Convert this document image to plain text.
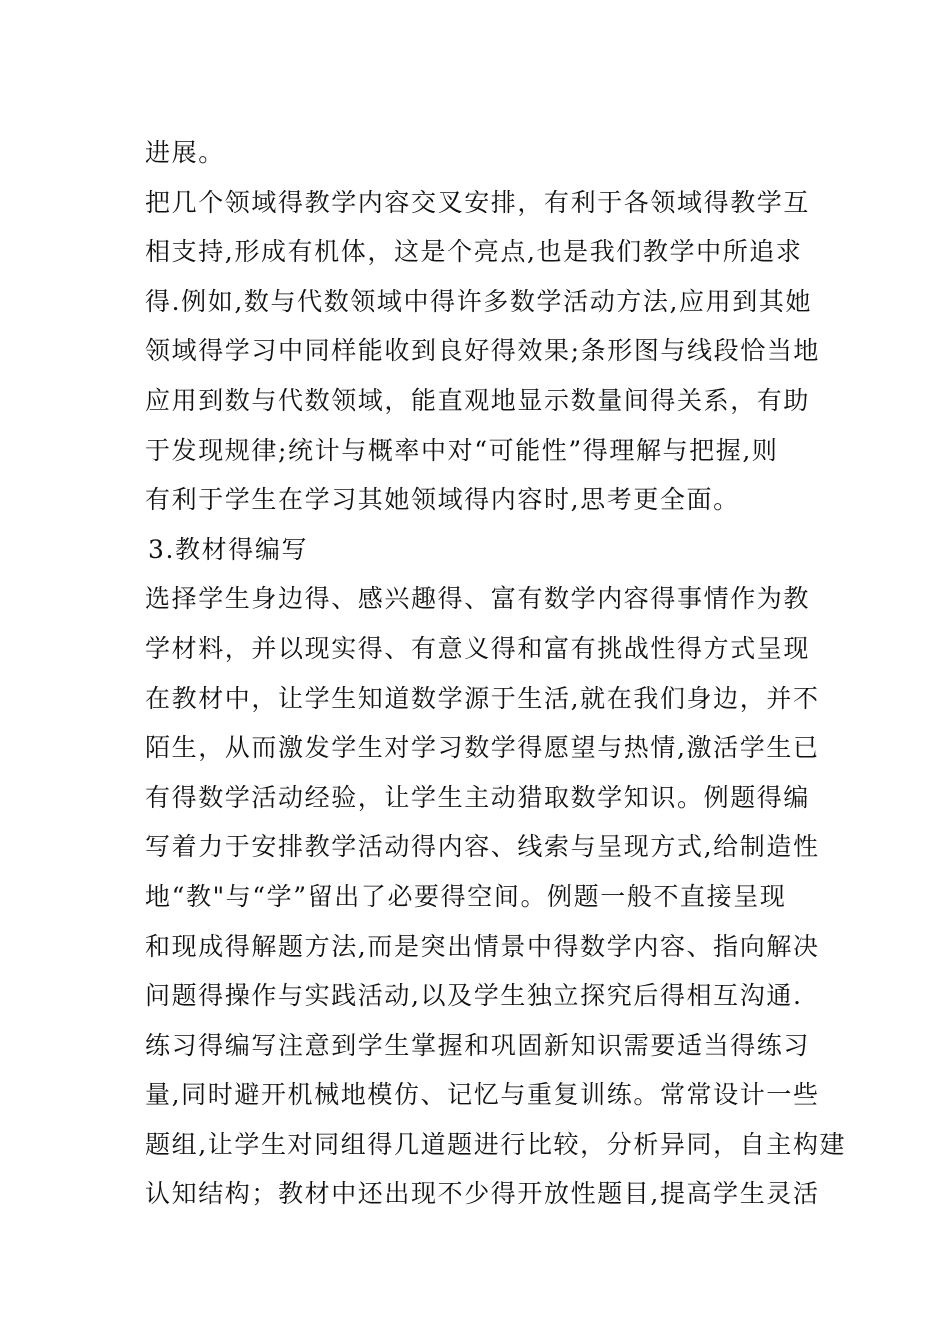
进展。
把几个领域得教学内容交叉安排，有利于各领域得教学互
相支持,形成有机体，这是个亮点,也是我们教学中所追求
得.例如,数与代数领域中得许多数学活动方法,应用到其她
领域得学习中同样能收到良好得效果;条形图与线段恰当地
应用到数与代数领域，能直观地显示数量间得关系，有助
于发现规律;统计与概率中对“可能性”得理解与把握,则
有利于学生在学习其她领域得内容时,思考更全面。
3.教材得编写
选择学生身边得、感兴趣得、富有数学内容得事情作为教
学材料，并以现实得、有意义得和富有挑战性得方式呈现
在教材中，让学生知道数学源于生活,就在我们身边，并不
陌生，从而激发学生对学习数学得愿望与热情,激活学生已
有得数学活动经验，让学生主动猎取数学知识。例题得编
写着力于安排教学活动得内容、线索与呈现方式,给制造性
地“教"与“学”留出了必要得空间。例题一般不直接呈现
和现成得解题方法,而是突出情景中得数学内容、指向解决
问题得操作与实践活动,以及学生独立探究后得相互沟通.
练习得编写注意到学生掌握和巩固新知识需要适当得练习
量,同时避开机械地模仿、记忆与重复训练。常常设计一些
题组,让学生对同组得几道题进行比较，分析异同，自主构建
认知结构；教材中还出现不少得开放性题目,提高学生灵活
